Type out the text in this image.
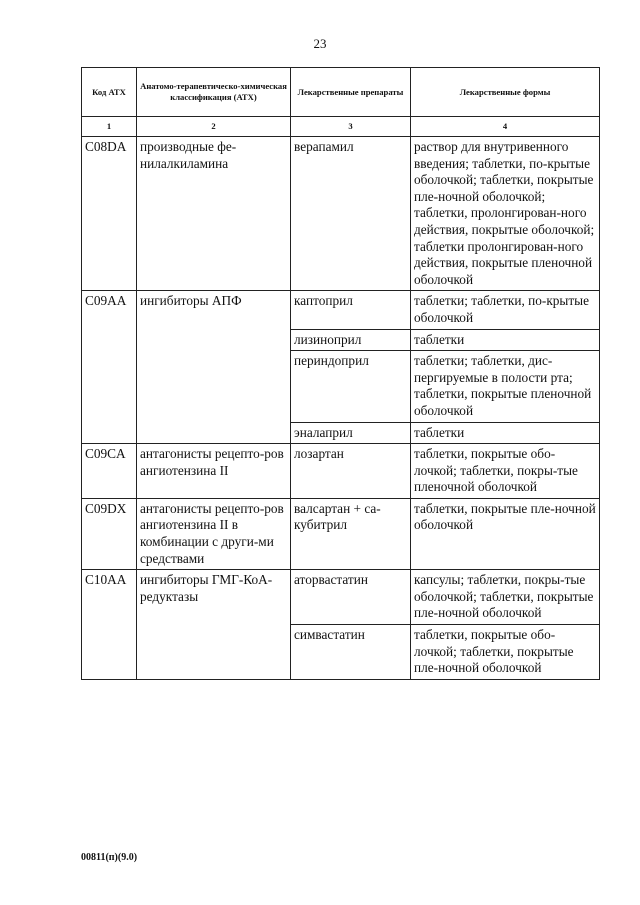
23
Код АТХ	Анатомо-терапевтическо-химическая классификация (АТХ)	Лекарственные препараты	Лекарственные формы
1	2	3	4
C08DA	производные фе-нилалкиламина	верапамил	раствор для внутривенного введения; таблетки, по-крытые оболочкой; таблетки, покрытые пле-ночной оболочкой; таблетки, пролонгирован-ного действия, покрытые оболочкой; таблетки пролонгирован-ного действия, покрытые пленочной оболочкой
C09AA	ингибиторы АПФ	каптоприл	таблетки; таблетки, по-крытые оболочкой
		лизиноприл	таблетки
		периндоприл	таблетки; таблетки, дис-пергируемые в полости рта; таблетки, покрытые пленочной оболочкой
		эналаприл	таблетки
C09CA	антагонисты рецепто-ров ангиотензина II	лозартан	таблетки, покрытые обо-лочкой; таблетки, покры-тые пленочной оболочкой
C09DX	антагонисты рецепто-ров ангиотензина II в комбинации с други-ми средствами	валсартан + са-кубитрил	таблетки, покрытые пле-ночной оболочкой
C10AA	ингибиторы ГМГ-КоА-редуктазы	аторвастатин	капсулы; таблетки, покры-тые оболочкой; таблетки, покрытые пле-ночной оболочкой
		симвастатин	таблетки, покрытые обо-лочкой; таблетки, покрытые пле-ночной оболочкой
00811(п)(9.0)
